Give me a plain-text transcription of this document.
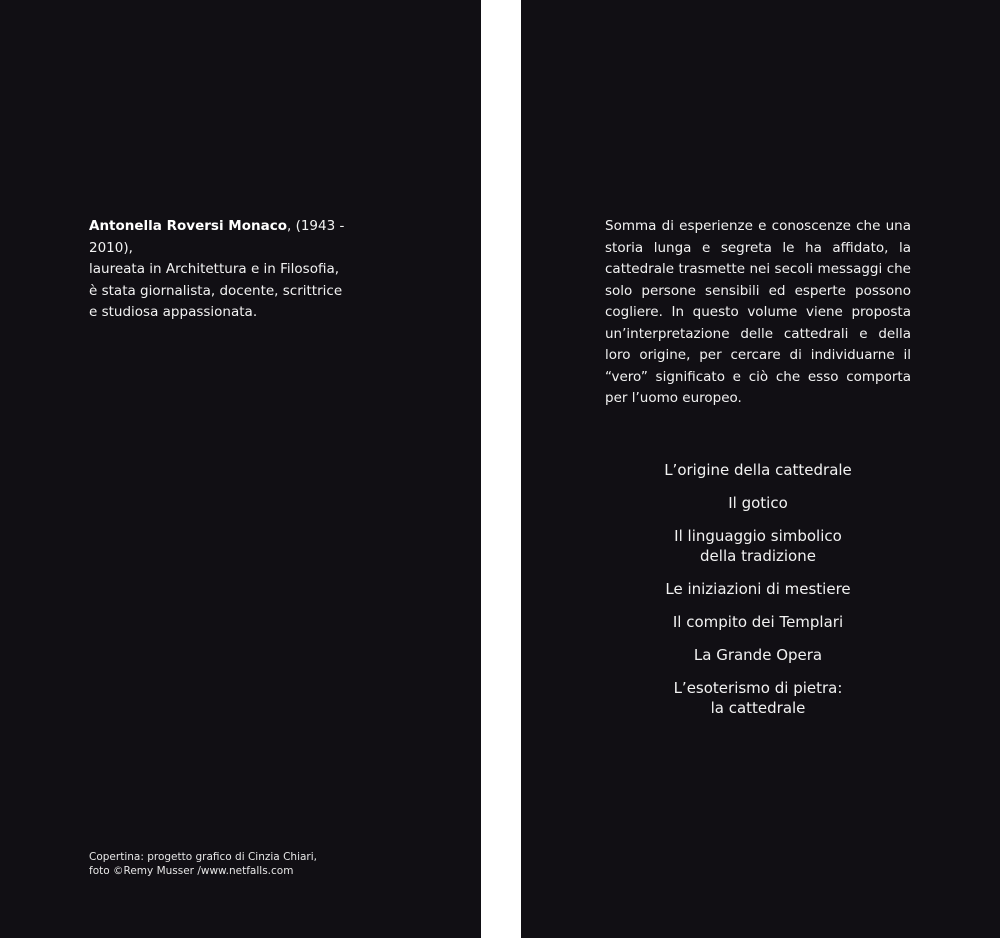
Antonella Roversi Monaco, (1943 - 2010),
laureata in Architettura e in Filosofia,
è stata giornalista, docente, scrittrice
e studiosa appassionata.
Copertina: progetto grafico di Cinzia Chiari,
foto ©Remy Musser /www.netfalls.com

Somma di esperienze e conoscenze che una storia lunga e segreta le ha affidato, la cattedrale trasmette nei secoli messaggi che solo persone sensibili ed esperte possono cogliere. In questo volume viene proposta un’interpretazione delle cattedrali e della loro origine, per cercare di individuarne il “vero” significato e ciò che esso comporta per l’uomo europeo.

L’origine della cattedrale
Il gotico
Il linguaggio simbolico
della tradizione
Le iniziazioni di mestiere
Il compito dei Templari
La Grande Opera
L’esoterismo di pietra:
la cattedrale
